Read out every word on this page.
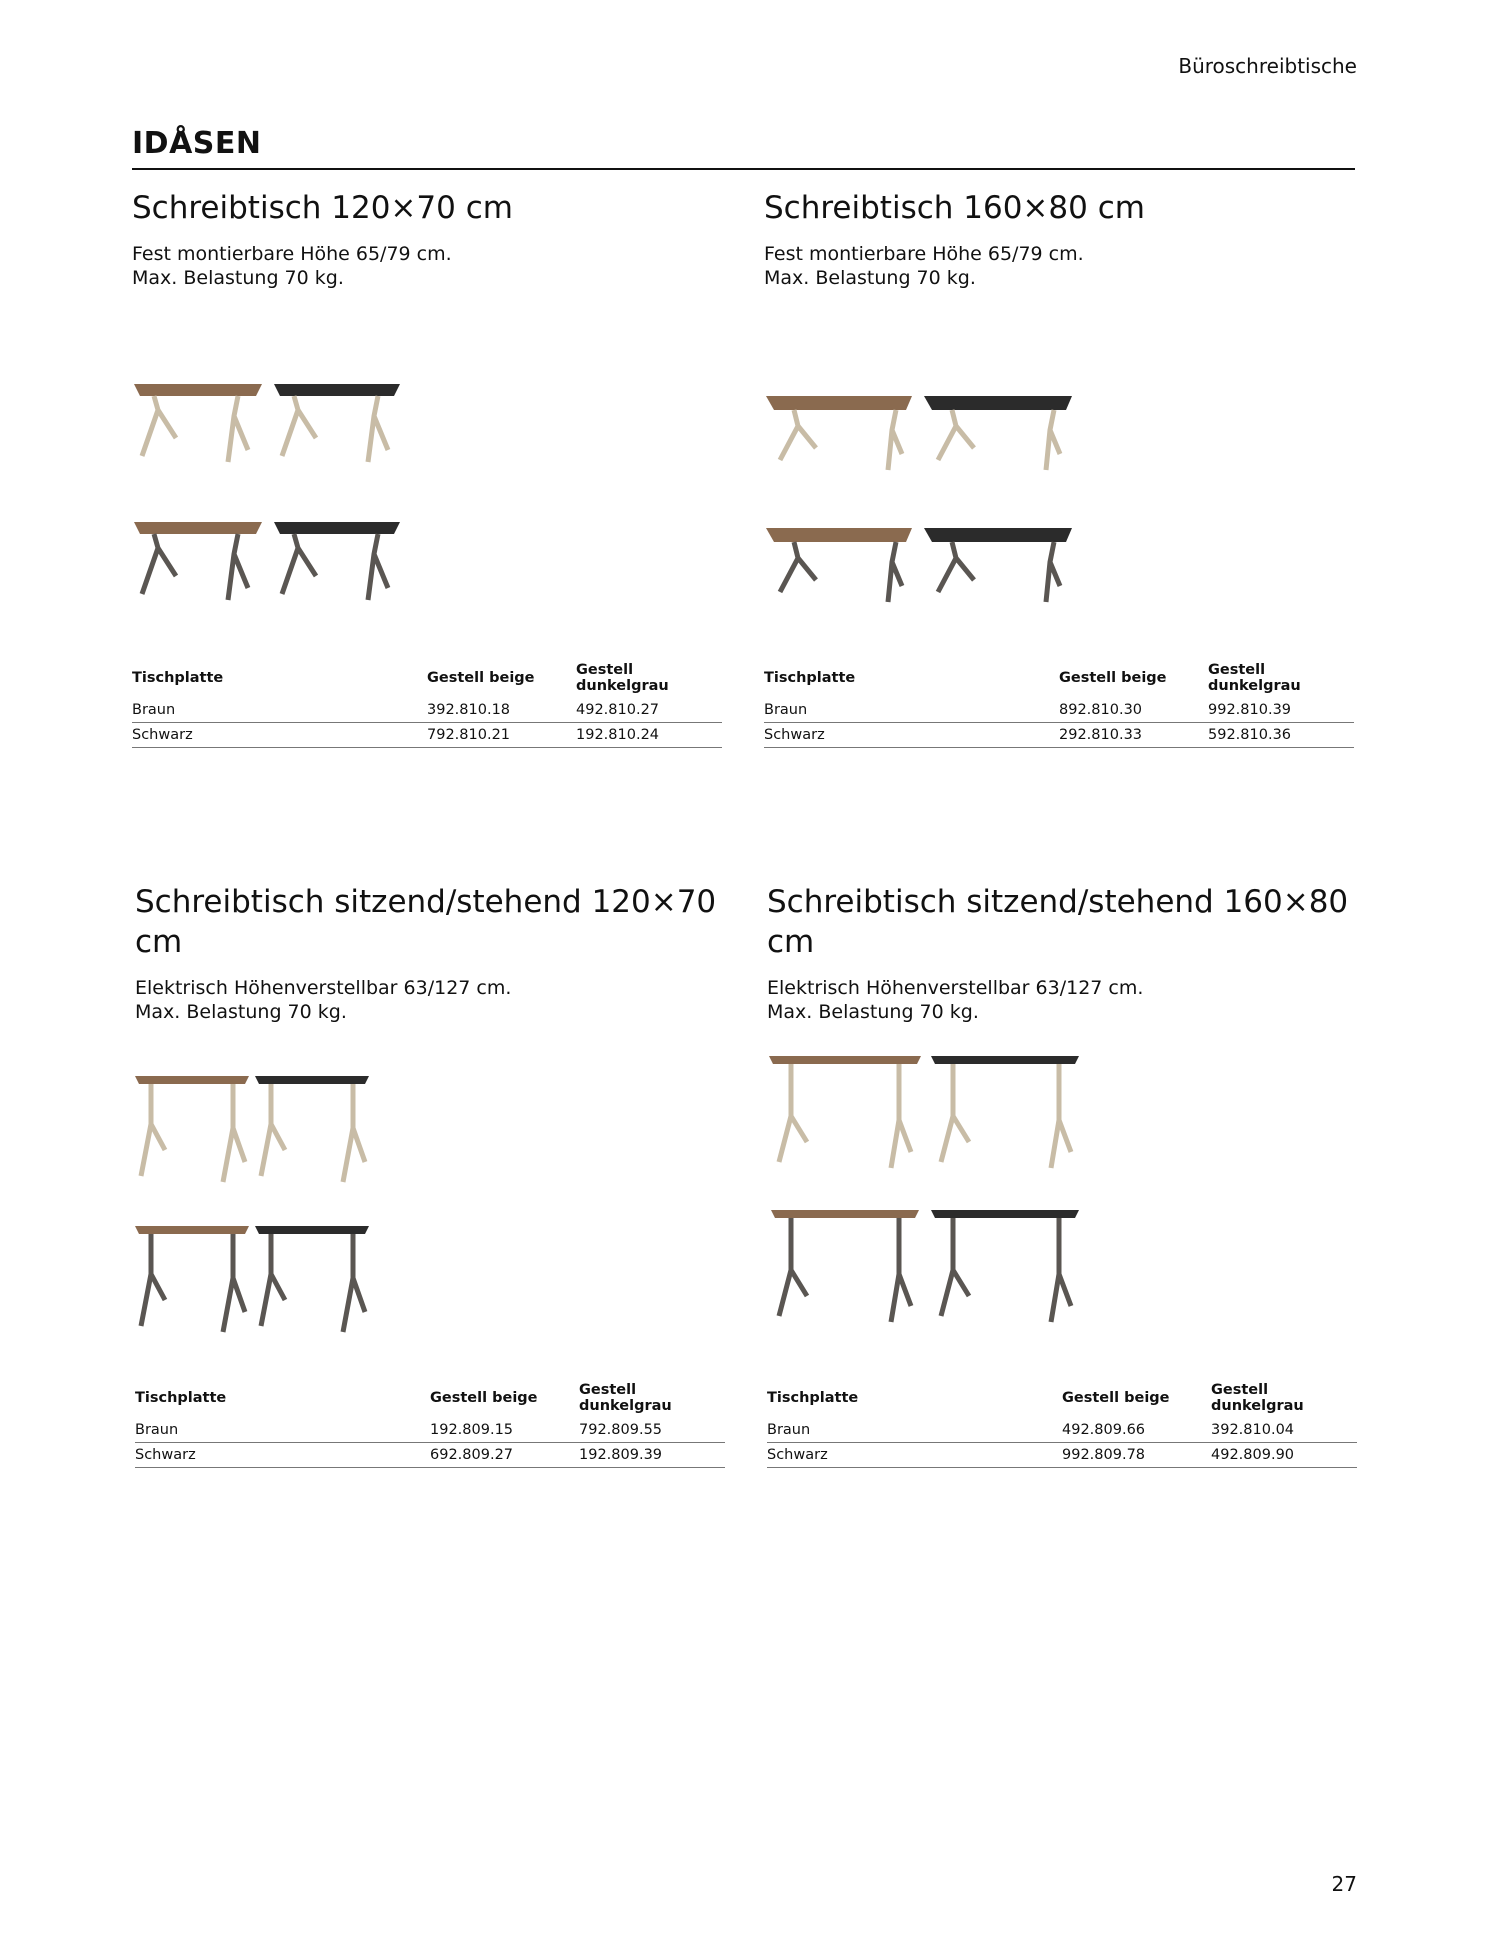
Büroschreibtische
IDÅSEN
Schreibtisch 120×70 cm
Fest montierbare Höhe 65/79 cm.
Max. Belastung 70 kg.
Tischplatte	Gestell beige	Gestell dunkelgrau
Braun	392.810.18	492.810.27
Schwarz	792.810.21	192.810.24
Schreibtisch 160×80 cm
Fest montierbare Höhe 65/79 cm.
Max. Belastung 70 kg.
Tischplatte	Gestell beige	Gestell dunkelgrau
Braun	892.810.30	992.810.39
Schwarz	292.810.33	592.810.36
Schreibtisch sitzend/stehend 120×70 cm
Elektrisch Höhenverstellbar 63/127 cm.
Max. Belastung 70 kg.
Tischplatte	Gestell beige	Gestell dunkelgrau
Braun	192.809.15	792.809.55
Schwarz	692.809.27	192.809.39
Schreibtisch sitzend/stehend 160×80 cm
Elektrisch Höhenverstellbar 63/127 cm.
Max. Belastung 70 kg.
Tischplatte	Gestell beige	Gestell dunkelgrau
Braun	492.809.66	392.810.04
Schwarz	992.809.78	492.809.90
27
